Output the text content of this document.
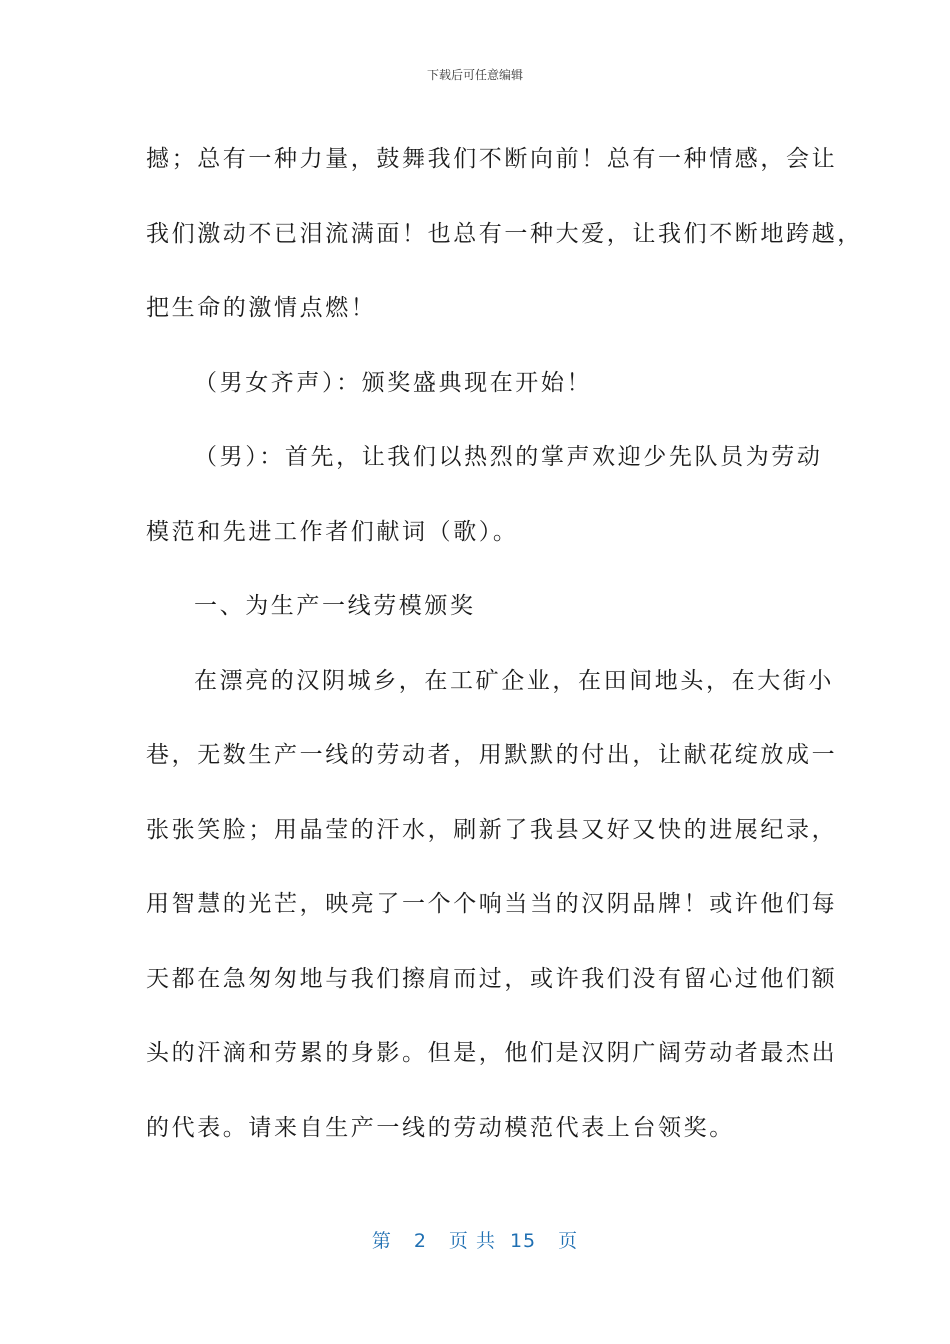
下载后可任意编辑
撼；总有一种力量，鼓舞我们不断向前！总有一种情感，会让
我们激动不已泪流满面！也总有一种大爱，让我们不断地跨越，
把生命的激情点燃！
（男女齐声）：颁奖盛典现在开始！
（男）：首先，让我们以热烈的掌声欢迎少先队员为劳动
模范和先进工作者们献词（歌）。
一、为生产一线劳模颁奖
在漂亮的汉阴城乡，在工矿企业，在田间地头，在大街小
巷，无数生产一线的劳动者，用默默的付出，让献花绽放成一
张张笑脸；用晶莹的汗水，刷新了我县又好又快的进展纪录，
用智慧的光芒，映亮了一个个响当当的汉阴品牌！或许他们每
天都在急匆匆地与我们擦肩而过，或许我们没有留心过他们额
头的汗滴和劳累的身影。但是，他们是汉阴广阔劳动者最杰出
的代表。请来自生产一线的劳动模范代表上台领奖。
第 2 页 共 15 页
